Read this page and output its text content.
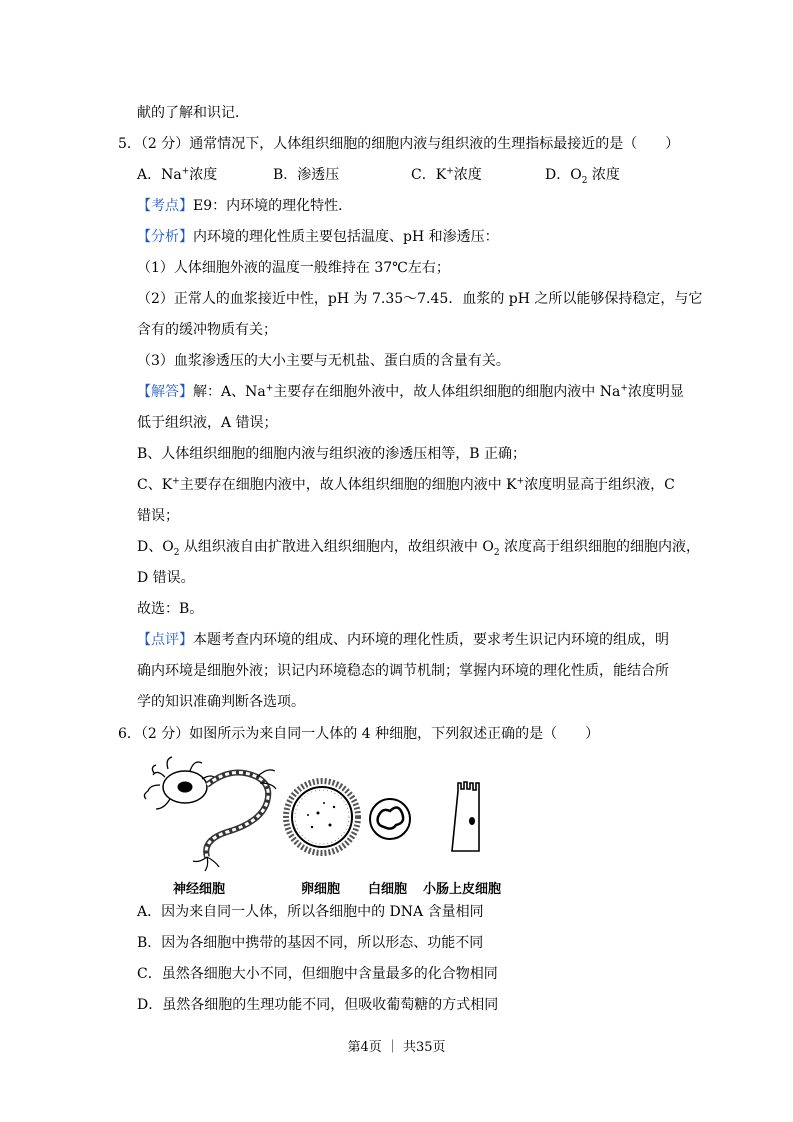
献的了解和识记．
5．（2 分）通常情况下，人体组织细胞的细胞内液与组织液的生理指标最接近的是（　　）
A．Na+浓度	B．渗透压	C．K+浓度	D．$O_2$ 浓度
【考点】E9：内环境的理化特性．
【分析】内环境的理化性质主要包括温度、pH 和渗透压：
（1）人体细胞外液的温度一般维持在 37℃左右；
（2）正常人的血浆接近中性，pH 为 7.35～7.45．血浆的 pH 之所以能够保持稳定，与它
含有的缓冲物质有关；
（3）血浆渗透压的大小主要与无机盐、蛋白质的含量有关。
【解答】解：A、Na+主要存在细胞外液中，故人体组织细胞的细胞内液中 Na+浓度明显
低于组织液，A 错误；
B、人体组织细胞的细胞内液与组织液的渗透压相等，B 正确；
C、K+主要存在细胞内液中，故人体组织细胞的细胞内液中 K+浓度明显高于组织液，C
错误；
D、$O_2$ 从组织液自由扩散进入组织细胞内，故组织液中 $O_2$ 浓度高于组织细胞的细胞内液，
D 错误。
故选：B。
【点评】本题考查内环境的组成、内环境的理化性质，要求考生识记内环境的组成，明
确内环境是细胞外液；识记内环境稳态的调节机制；掌握内环境的理化性质，能结合所
学的知识准确判断各选项。
6．（2 分）如图所示为来自同一人体的 4 种细胞，下列叙述正确的是（　　）
神经细胞	卵细胞 白细胞 小肠上皮细胞
A．因为来自同一人体，所以各细胞中的 DNA 含量相同
B．因为各细胞中携带的基因不同，所以形态、功能不同
C．虽然各细胞大小不同，但细胞中含量最多的化合物相同
D．虽然各细胞的生理功能不同，但吸收葡萄糖的方式相同
第4页 ｜ 共35页
